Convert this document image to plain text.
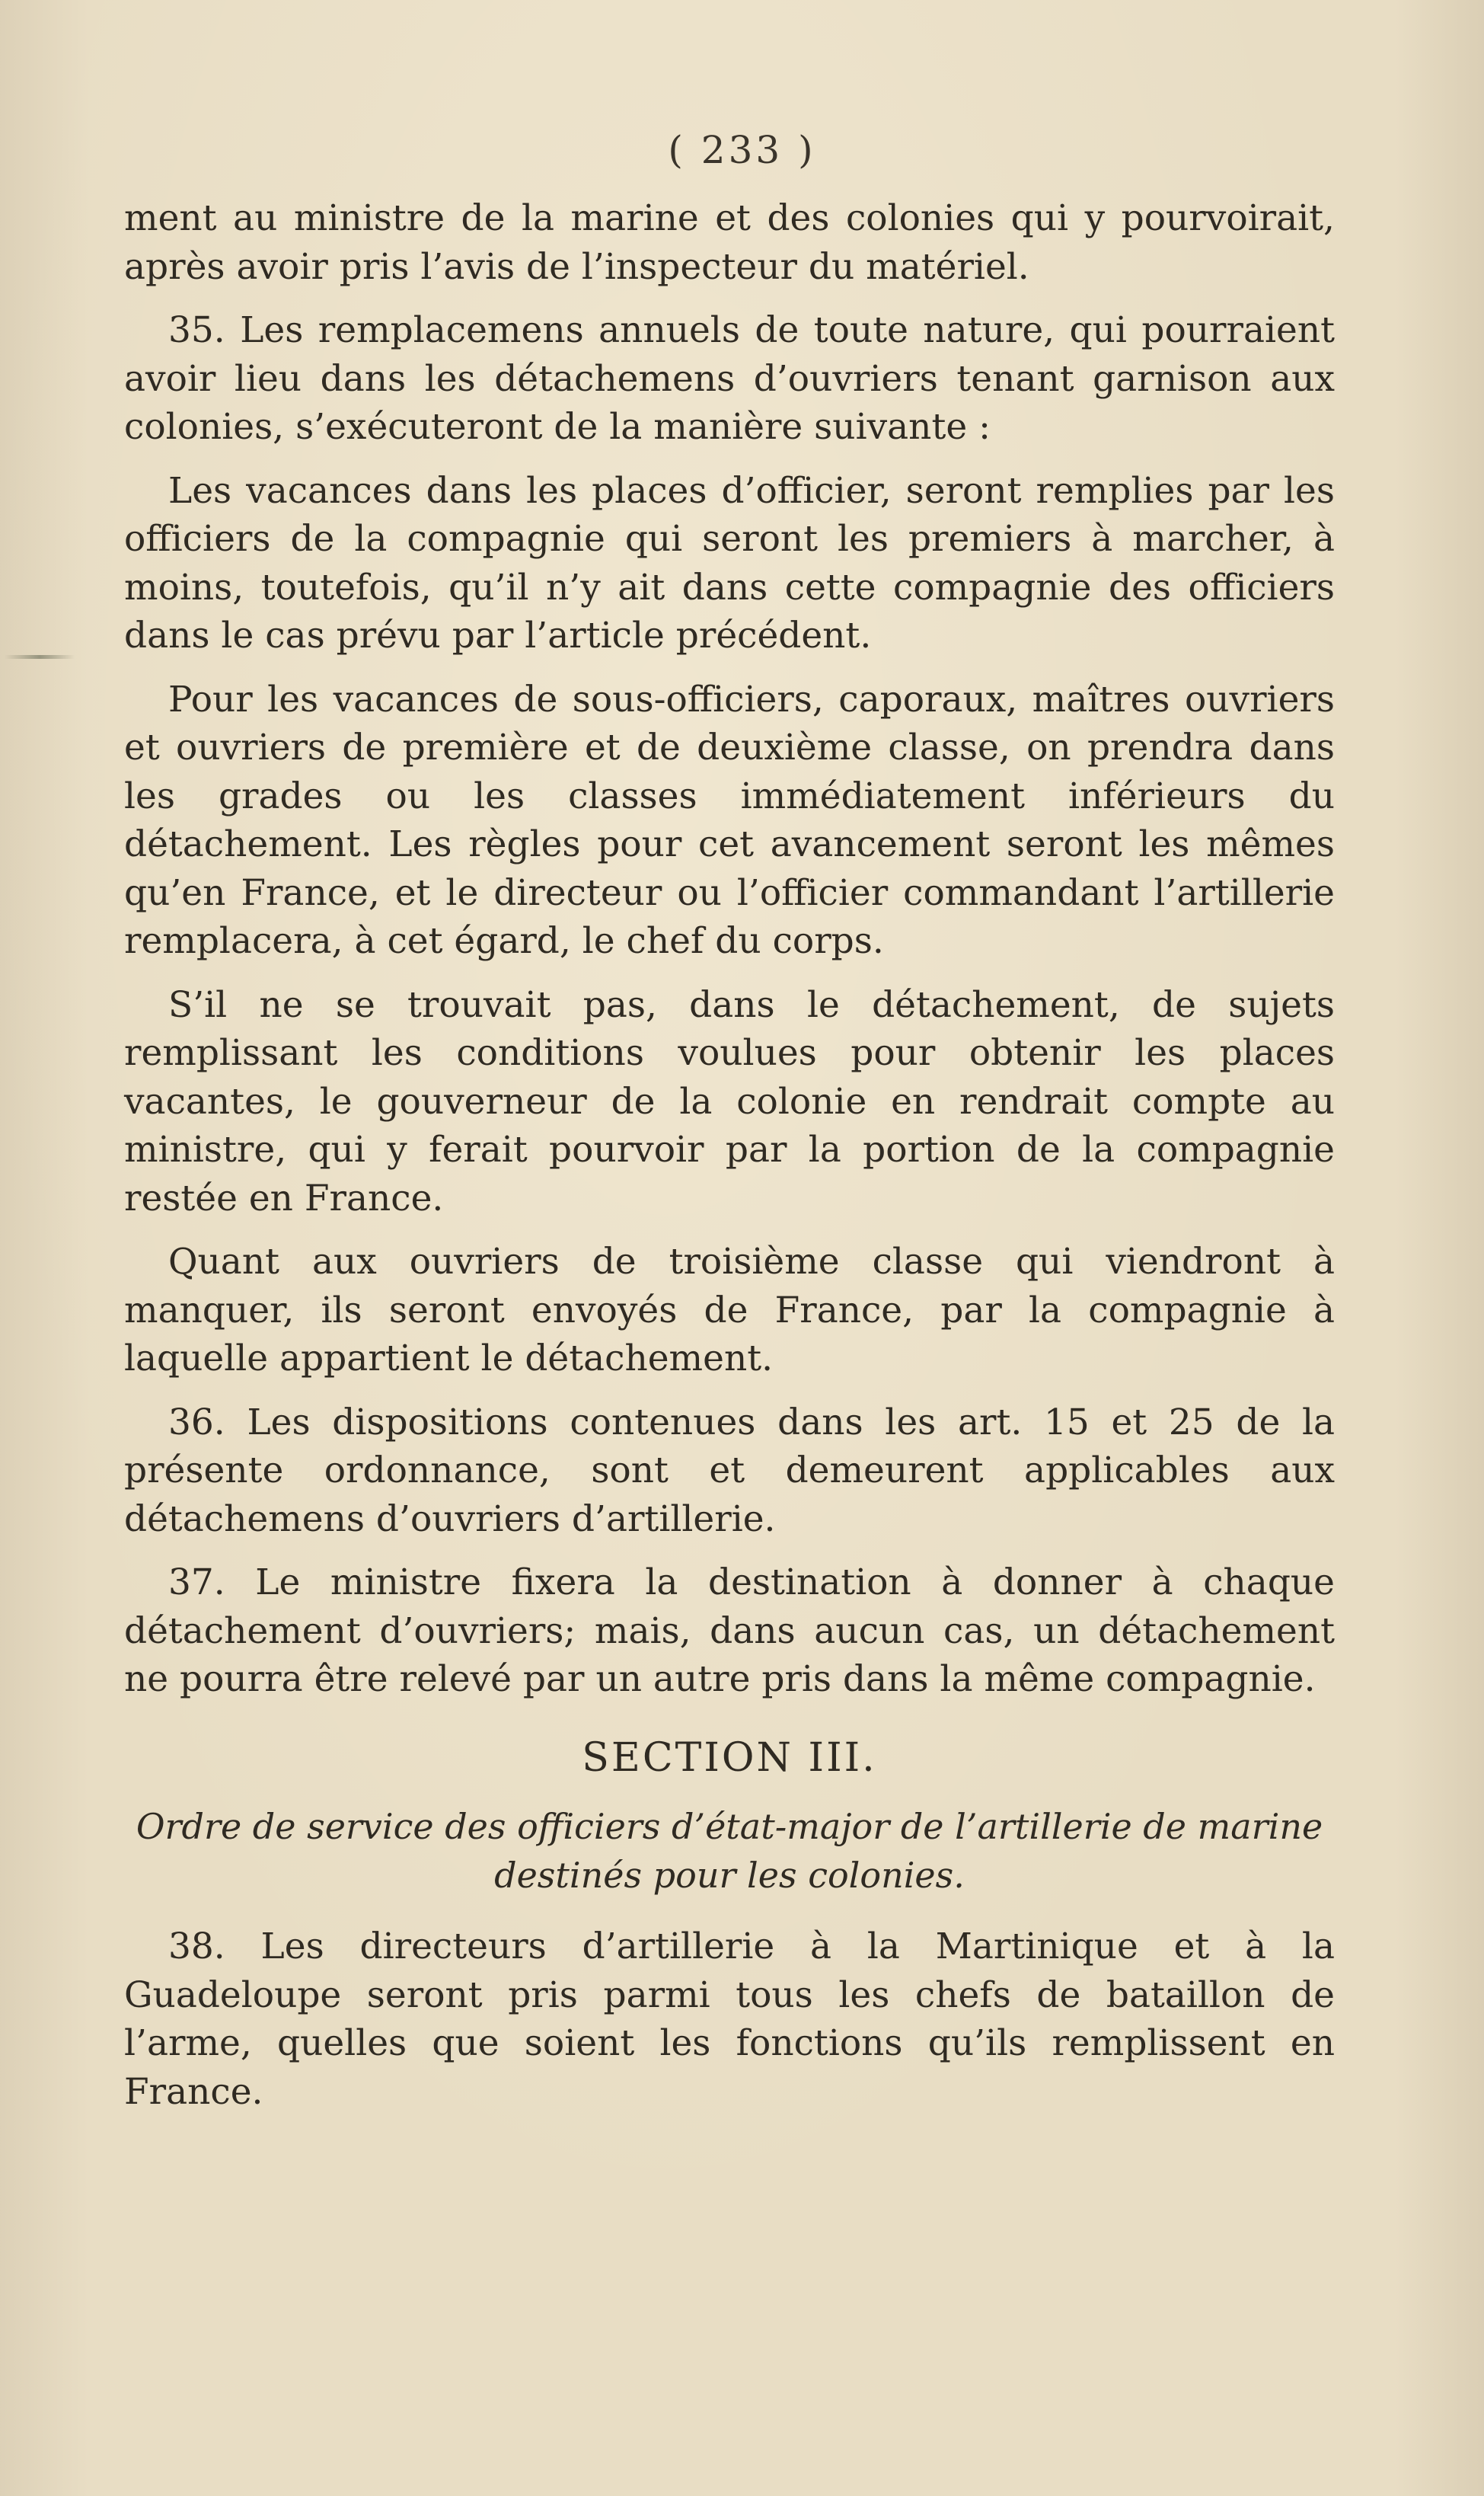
( 233 )

ment au ministre de la marine et des colonies qui y pourvoirait, après avoir pris l’avis de l’inspecteur du matériel.

35. Les remplacemens annuels de toute nature, qui pourraient avoir lieu dans les détachemens d’ouvriers tenant garnison aux colonies, s’exécuteront de la manière suivante :

Les vacances dans les places d’officier, seront remplies par les officiers de la compagnie qui seront les premiers à marcher, à moins, toutefois, qu’il n’y ait dans cette compagnie des officiers dans le cas prévu par l’article précédent.

Pour les vacances de sous-officiers, caporaux, maîtres ouvriers et ouvriers de première et de deuxième classe, on prendra dans les grades ou les classes immédiatement inférieurs du détachement. Les règles pour cet avancement seront les mêmes qu’en France, et le directeur ou l’officier commandant l’artillerie remplacera, à cet égard, le chef du corps.

S’il ne se trouvait pas, dans le détachement, de sujets remplissant les conditions voulues pour obtenir les places vacantes, le gouverneur de la colonie en rendrait compte au ministre, qui y ferait pourvoir par la portion de la compagnie restée en France.

Quant aux ouvriers de troisième classe qui viendront à manquer, ils seront envoyés de France, par la compagnie à laquelle appartient le détachement.

36. Les dispositions contenues dans les art. 15 et 25 de la présente ordonnance, sont et demeurent applicables aux détachemens d’ouvriers d’artillerie.

37. Le ministre fixera la destination à donner à chaque détachement d’ouvriers; mais, dans aucun cas, un détachement ne pourra être relevé par un autre pris dans la même compagnie.

SECTION III.
Ordre de service des officiers d’état-major de l’artillerie de marine destinés pour les colonies.

38. Les directeurs d’artillerie à la Martinique et à la Guadeloupe seront pris parmi tous les chefs de bataillon de l’arme, quelles que soient les fonctions qu’ils remplissent en France.
